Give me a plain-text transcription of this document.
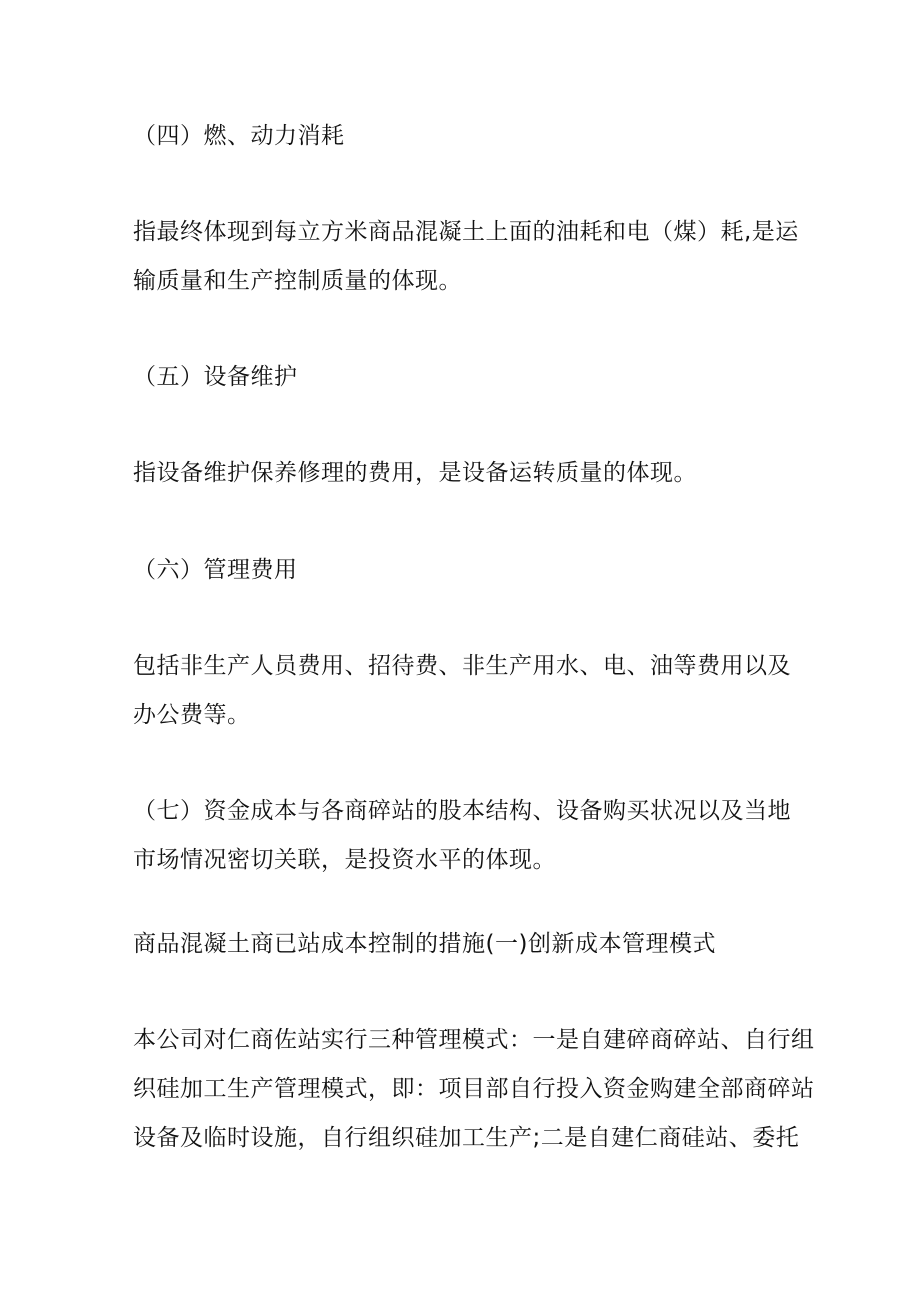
（四）燃、动力消耗
指最终体现到每立方米商品混凝土上面的油耗和电（煤）耗,是运
输质量和生产控制质量的体现。
（五）设备维护
指设备维护保养修理的费用，是设备运转质量的体现。
（六）管理费用
包括非生产人员费用、招待费、非生产用水、电、油等费用以及
办公费等。
（七）资金成本与各商碎站的股本结构、设备购买状况以及当地
市场情况密切关联，是投资水平的体现。
商品混凝土商已站成本控制的措施(一)创新成本管理模式
本公司对仁商佐站实行三种管理模式：一是自建碎商碎站、自行组
织硅加工生产管理模式，即：项目部自行投入资金购建全部商碎站
设备及临时设施，自行组织硅加工生产;二是自建仁商硅站、委托
